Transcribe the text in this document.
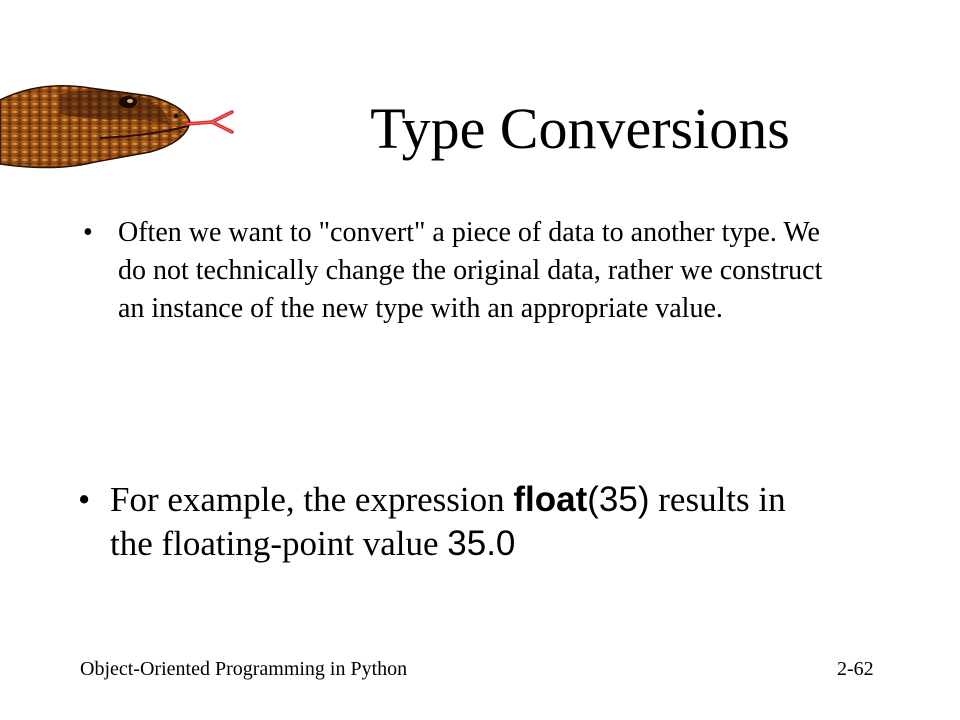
Type Conversions
• Often we want to "convert" a piece of data to another type. We do not technically change the original data, rather we construct an instance of the new type with an appropriate value.
• For example, the expression float(35) results in the floating-point value 35.0
Object-Oriented Programming in Python	2-62
